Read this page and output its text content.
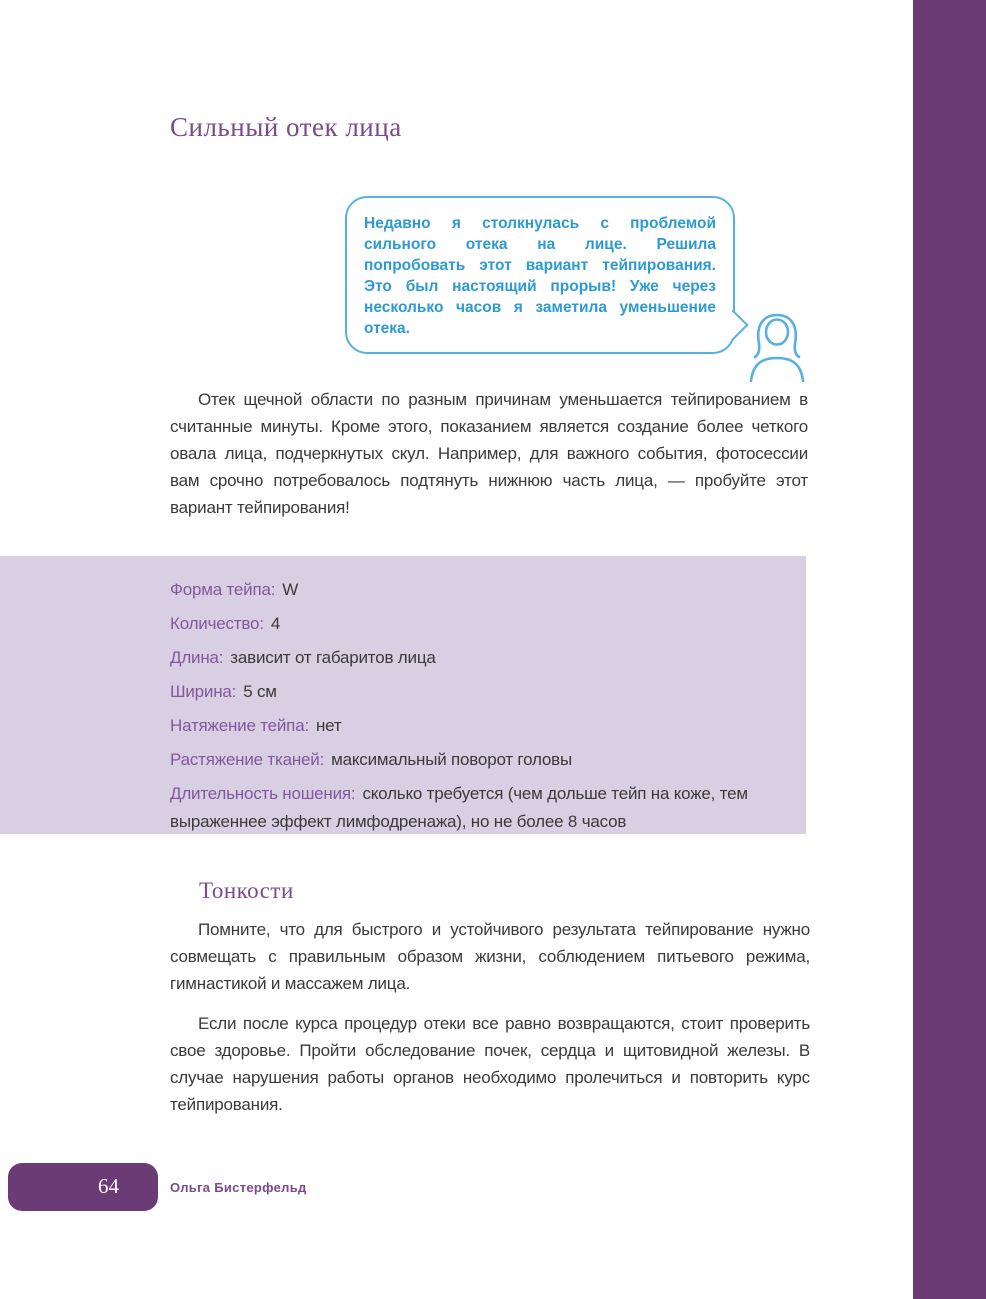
Сильный отек лица

Недавно я столкнулась с проблемой сильного отека на лице. Решила попробовать этот вариант тейпирования. Это был настоящий прорыв! Уже через несколько часов я заметила уменьшение отека.

Отек щечной области по разным причинам уменьшается тейпированием в считанные минуты. Кроме этого, показанием является создание более четкого овала лица, подчеркнутых скул. Например, для важного события, фотосессии вам срочно потребовалось подтянуть нижнюю часть лица, — пробуйте этот вариант тейпирования!

Форма тейпа: W
Количество: 4
Длина: зависит от габаритов лица
Ширина: 5 см
Натяжение тейпа: нет
Растяжение тканей: максимальный поворот головы
Длительность ношения: сколько требуется (чем дольше тейп на коже, тем выраженнее эффект лимфодренажа), но не более 8 часов
Тонкости

Помните, что для быстрого и устойчивого результата тейпирование нужно совмещать с правильным образом жизни, соблюдением питьевого режима, гимнастикой и массажем лица.

Если после курса процедур отеки все равно возвращаются, стоит проверить свое здоровье. Пройти обследование почек, сердца и щитовидной железы. В случае нарушения работы органов необходимо пролечиться и повторить курс тейпирования.

64	Ольга Бистерфельд
